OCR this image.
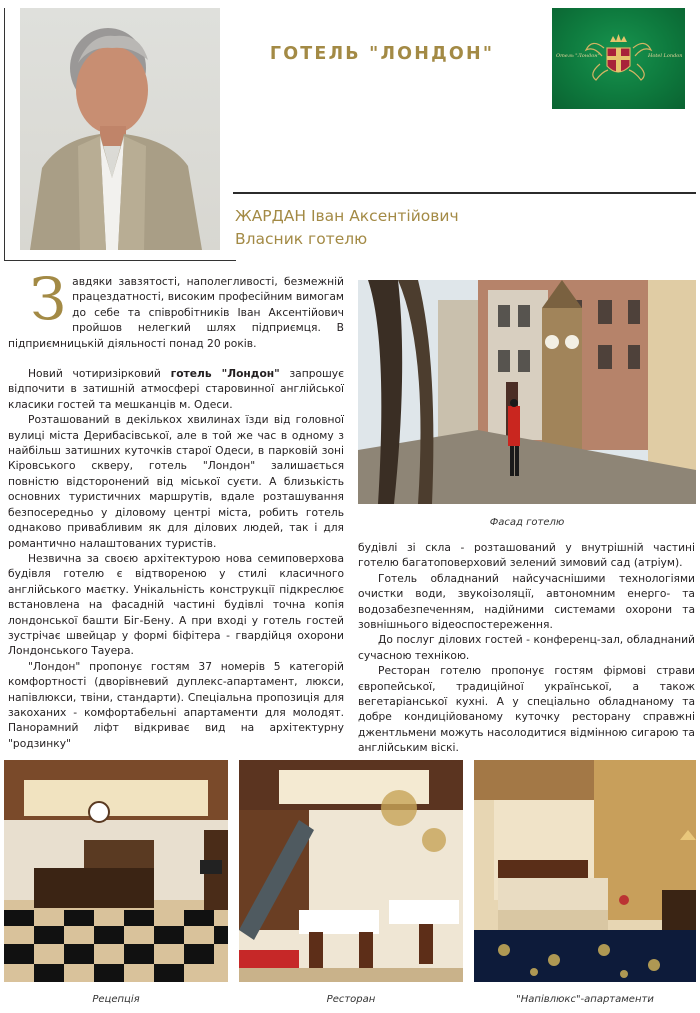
ГОТЕЛЬ "ЛОНДОН"	Отель "Лондон"	Hotel London
ЖАРДАН Іван Аксентійович
Власник готелю

Завдяки завзятості, наполегливості, безмежній працездатності, високим професійним вимогам до себе та співробітників Іван Аксентійович пройшов нелегкий шлях підприємця. В підприємницькій діяльності понад 20 років.

Новий чотиризірковий готель "Лондон" запрошує відпочити в затишній атмосфері старовинної англійської класики гостей та мешканців м. Одеси.

Розташований в декількох хвилинах їзди від головної вулиці міста Дерибасівської, але в той же час в одному з найбільш затишних куточків старої Одеси, в парковій зоні Кіровського скверу, готель "Лондон" залишається повністю відсторонений від міської суєти. А близькість основних туристичних маршрутів, вдале розташування безпосередньо у діловому центрі міста, робить готель однаково привабливим як для ділових людей, так і для романтично налаштованих туристів.

Незвична за своєю архітектурою нова семиповерхова будівля готелю є відтвореною у стилі класичного англійського маєтку. Унікальність конструкції підкреслює встановлена на фасадній частині будівлі точна копія лондонської башти Біг-Бену. А при вході у готель гостей зустрічає швейцар у формі біфітера - гвардійця охорони Лондонського Тауера.

"Лондон" пропонує гостям 37 номерів 5 категорій комфортності (дворівневий дуплекс-апартамент, люкси, напівлюкси, твіни, стандарти). Спеціальна пропозиція для закоханих - комфортабельні апартаменти для молодят. Панорамний ліфт відкриває вид на архітектурну "родзинку"

Фасад готелю

будівлі зі скла - розташований у внутрішній частині готелю багатоповерховий зелений зимовий сад (атріум).

Готель обладнаний найсучаснішими технологіями очистки води, звукоізоляції, автономним енерго- та водозабезпеченням, надійними системами охорони та зовнішнього відеоспостереження.

До послуг ділових гостей - конференц-зал, обладнаний сучасною технікою.

Ресторан готелю пропонує гостям фірмові страви європейської, традиційної української, а також вегетаріанської кухні. А у спеціально обладнаному та добре кондиційованому куточку ресторану справжні джентльмени можуть насолодитися відмінною сигарою та англійським віскі.

Рецепція	Ресторан	"Напівлюкс"-апартаменти
